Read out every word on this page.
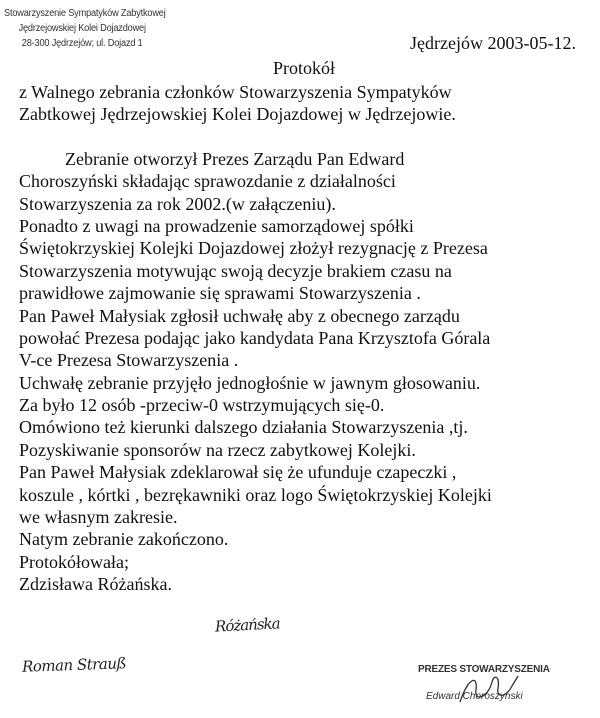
Stowarzyszenie Sympatyków Zabytkowej
Jędrzejowskiej Kolei Dojazdowej
28-300 Jędrzejów; ul. Dojazd 1	Jędrzejów 2003-05-12.
Protokół
z Walnego zebrania członków Stowarzyszenia Sympatyków
Zabtkowej Jędrzejowskiej Kolei Dojazdowej w Jędrzejowie.
Zebranie otworzył Prezes Zarządu Pan Edward
Choroszyński składając sprawozdanie z działalności
Stowarzyszenia za rok 2002.(w załączeniu).
Ponadto z uwagi na prowadzenie samorządowej spółki
Świętokrzyskiej Kolejki Dojazdowej złożył rezygnację z Prezesa
Stowarzyszenia motywując swoją decyzje brakiem czasu na
prawidłowe zajmowanie się sprawami Stowarzyszenia .
Pan Paweł Małysiak zgłosił uchwałę aby z obecnego zarządu
powołać Prezesa podając jako kandydata Pana Krzysztofa Górala
V-ce Prezesa Stowarzyszenia .
Uchwałę zebranie przyjęło jednogłośnie w jawnym głosowaniu.
Za było 12 osób -przeciw-0 wstrzymujących się-0.
Omówiono też kierunki dalszego działania Stowarzyszenia ,tj.
Pozyskiwanie sponsorów na rzecz zabytkowej Kolejki.
Pan Paweł Małysiak zdeklarował się że ufunduje czapeczki ,
koszule , kórtki , bezrękawniki oraz logo Świętokrzyskiej Kolejki
we własnym zakresie.
Natym zebranie zakończono.
Protokółowała;
Zdzisława Różańska.
Różańska
Roman Strauß	PREZES STOWARZYSZENIA
Edward Choroszynski
